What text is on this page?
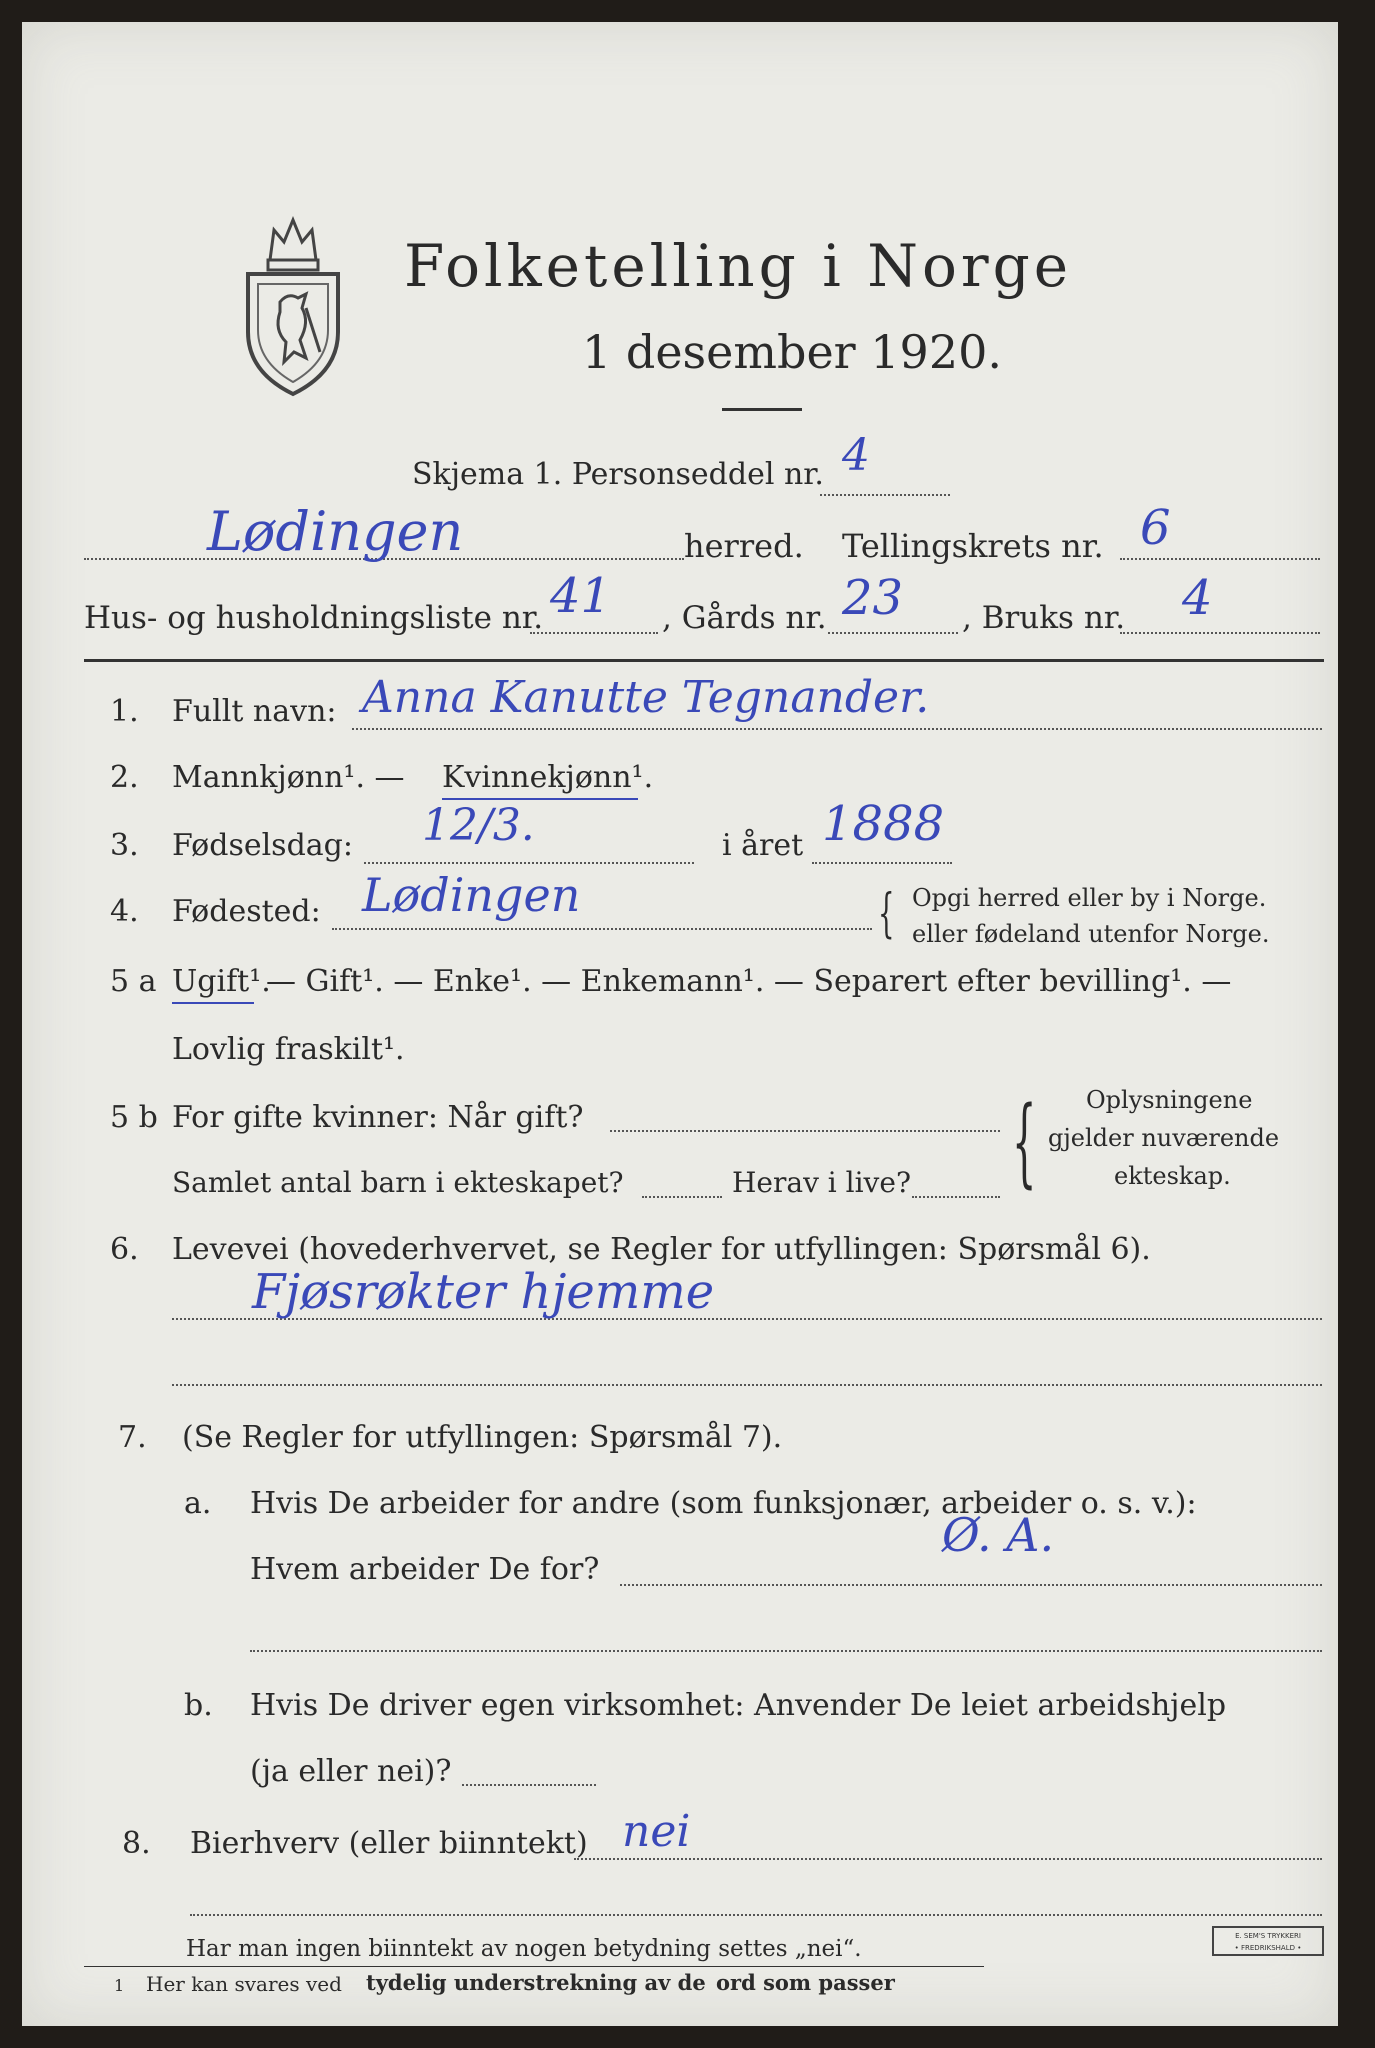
Folketelling i Norge
1 desember 1920.
Skjema 1. Personseddel nr. 4
Lødingen	herred. Tellingskrets nr. 6
Hus- og husholdningsliste nr. 41 , Gårds nr. 23 , Bruks nr. 4
1. Fullt navn: Anna Kanutte Tegnander.
2. Mannkjønn¹. — Kvinnekjønn¹.
3. Fødselsdag: 12/3.	i året 1888
4. Fødested: Lødingen	{ Opgi herred eller by i Norge.
eller fødeland utenfor Norge.
5 a Ugift¹.
— Gift¹. — Enke¹. — Enkemann¹. — Separert efter bevilling¹. —
Lovlig fraskilt¹.
5 b For gifte kvinner: Når gift?
Samlet antal barn i ekteskapet?	Herav i live? { Oplysningene
gjelder nuværende
ekteskap.
6. Levevei (hovederhvervet, se Regler for utfyllingen: Spørsmål 6).
Fjøsrøkter hjemme
7. (Se Regler for utfyllingen: Spørsmål 7).
a. Hvis De arbeider for andre (som funksjonær, arbeider o. s. v.):
Hvem arbeider De for?
Ø. A.
b. Hvis De driver egen virksomhet: Anvender De leiet arbeidshjelp
(ja eller nei)?
8. Bierhverv (eller biinntekt) nei
Har man ingen biinntekt av nogen betydning settes „nei“.
1 Her kan svares ved tydelig understrekning av de ord som passer
E. SEM'S TRYKKERI
• FREDRIKSHALD •
